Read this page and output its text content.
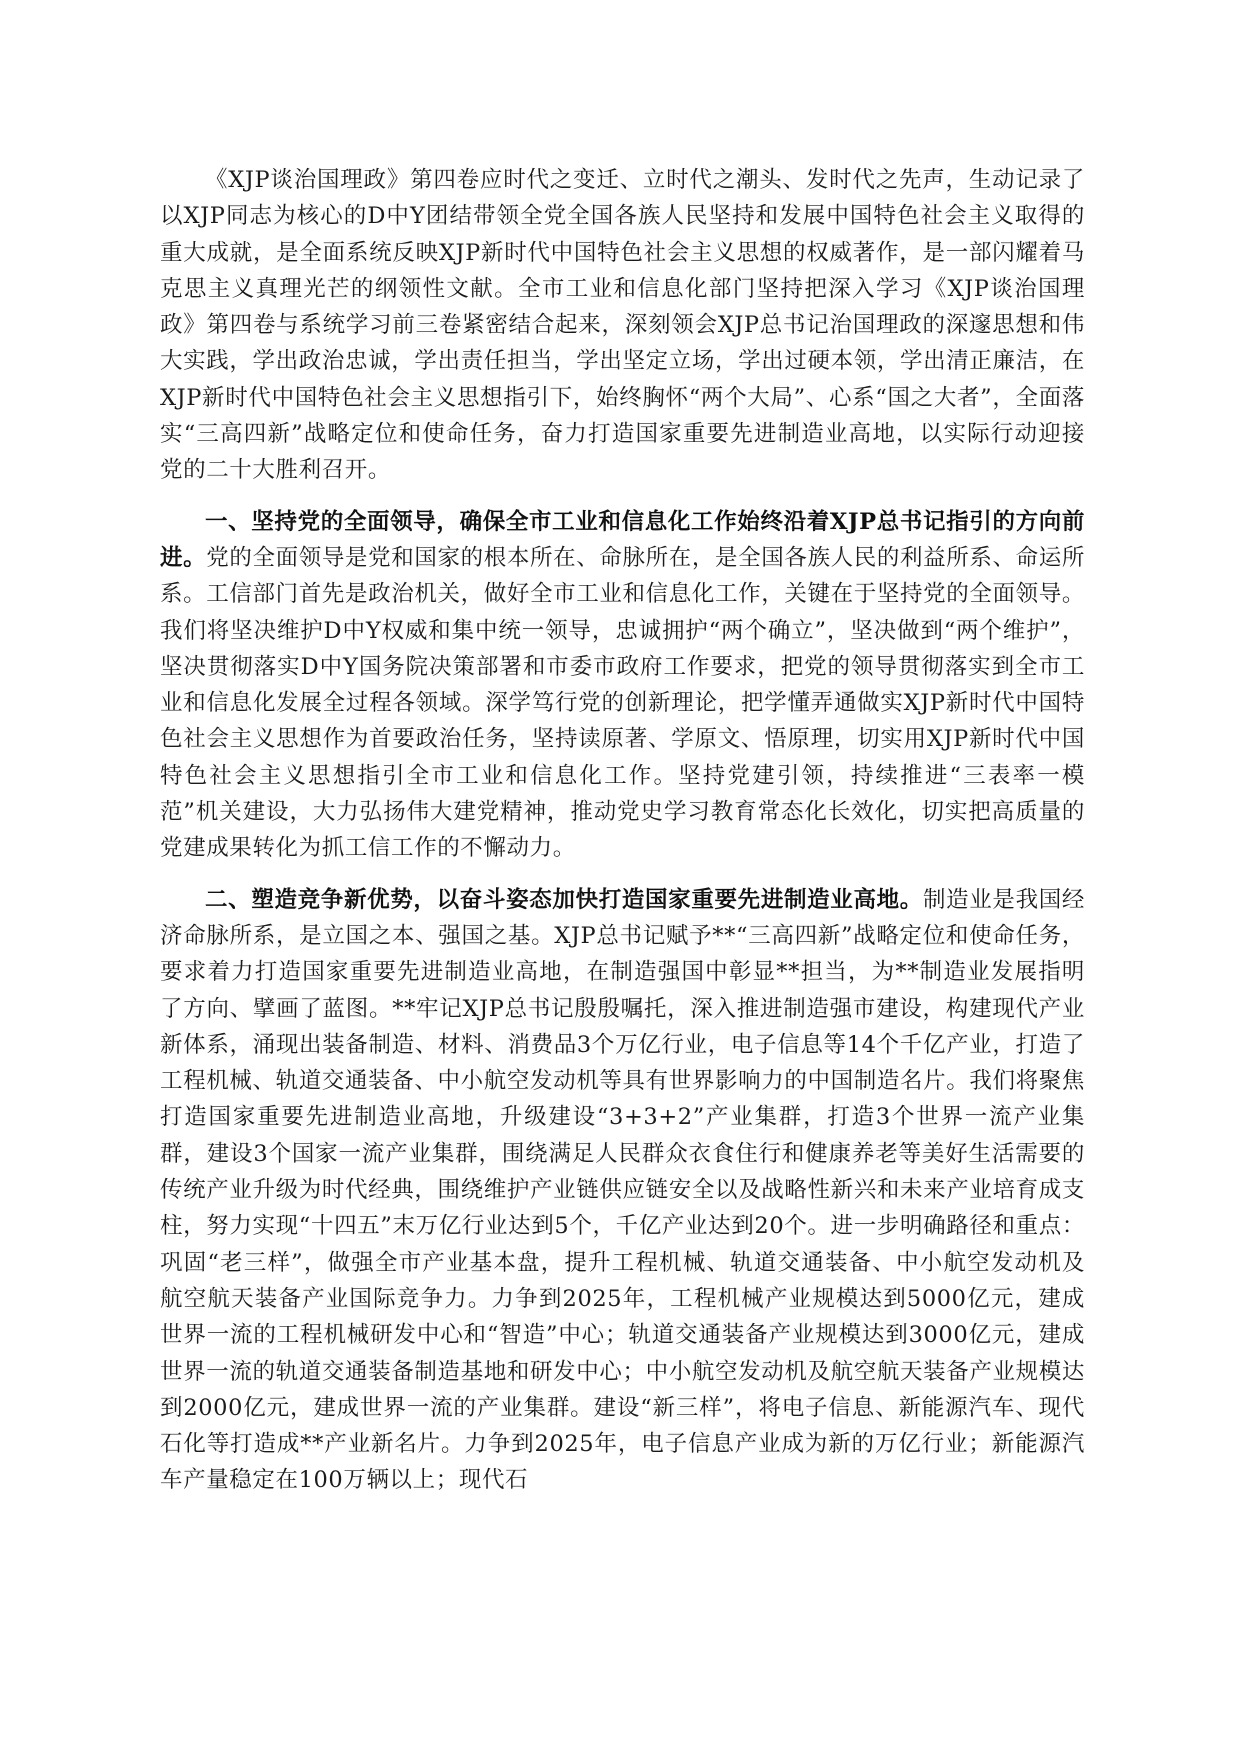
《XJP谈治国理政》第四卷应时代之变迁、立时代之潮头、发时代之先声，生动记录了以XJP同志为核心的D中Y团结带领全党全国各族人民坚持和发展中国特色社会主义取得的重大成就，是全面系统反映XJP新时代中国特色社会主义思想的权威著作，是一部闪耀着马克思主义真理光芒的纲领性文献。全市工业和信息化部门坚持把深入学习《XJP谈治国理政》第四卷与系统学习前三卷紧密结合起来，深刻领会XJP总书记治国理政的深邃思想和伟大实践，学出政治忠诚，学出责任担当，学出坚定立场，学出过硬本领，学出清正廉洁，在XJP新时代中国特色社会主义思想指引下，始终胸怀“两个大局”、心系“国之大者”，全面落实“三高四新”战略定位和使命任务，奋力打造国家重要先进制造业高地，以实际行动迎接党的二十大胜利召开。

一、坚持党的全面领导，确保全市工业和信息化工作始终沿着XJP总书记指引的方向前进。党的全面领导是党和国家的根本所在、命脉所在，是全国各族人民的利益所系、命运所系。工信部门首先是政治机关，做好全市工业和信息化工作，关键在于坚持党的全面领导。我们将坚决维护D中Y权威和集中统一领导，忠诚拥护“两个确立”，坚决做到“两个维护”，坚决贯彻落实D中Y国务院决策部署和市委市政府工作要求，把党的领导贯彻落实到全市工业和信息化发展全过程各领域。深学笃行党的创新理论，把学懂弄通做实XJP新时代中国特色社会主义思想作为首要政治任务，坚持读原著、学原文、悟原理，切实用XJP新时代中国特色社会主义思想指引全市工业和信息化工作。坚持党建引领，持续推进“三表率一模范”机关建设，大力弘扬伟大建党精神，推动党史学习教育常态化长效化，切实把高质量的党建成果转化为抓工信工作的不懈动力。

二、塑造竞争新优势，以奋斗姿态加快打造国家重要先进制造业高地。制造业是我国经济命脉所系，是立国之本、强国之基。XJP总书记赋予**“三高四新”战略定位和使命任务，要求着力打造国家重要先进制造业高地，在制造强国中彰显**担当，为**制造业发展指明了方向、擘画了蓝图。**牢记XJP总书记殷殷嘱托，深入推进制造强市建设，构建现代产业新体系，涌现出装备制造、材料、消费品3个万亿行业，电子信息等14个千亿产业，打造了工程机械、轨道交通装备、中小航空发动机等具有世界影响力的中国制造名片。我们将聚焦打造国家重要先进制造业高地，升级建设“3+3+2”产业集群，打造3个世界一流产业集群，建设3个国家一流产业集群，围绕满足人民群众衣食住行和健康养老等美好生活需要的传统产业升级为时代经典，围绕维护产业链供应链安全以及战略性新兴和未来产业培育成支柱，努力实现“十四五”末万亿行业达到5个，千亿产业达到20个。进一步明确路径和重点：巩固“老三样”，做强全市产业基本盘，提升工程机械、轨道交通装备、中小航空发动机及航空航天装备产业国际竞争力。力争到2025年，工程机械产业规模达到5000亿元，建成世界一流的工程机械研发中心和“智造”中心；轨道交通装备产业规模达到3000亿元，建成世界一流的轨道交通装备制造基地和研发中心；中小航空发动机及航空航天装备产业规模达到2000亿元，建成世界一流的产业集群。建设“新三样”，将电子信息、新能源汽车、现代石化等打造成**产业新名片。力争到2025年，电子信息产业成为新的万亿行业；新能源汽车产量稳定在100万辆以上；现代石
